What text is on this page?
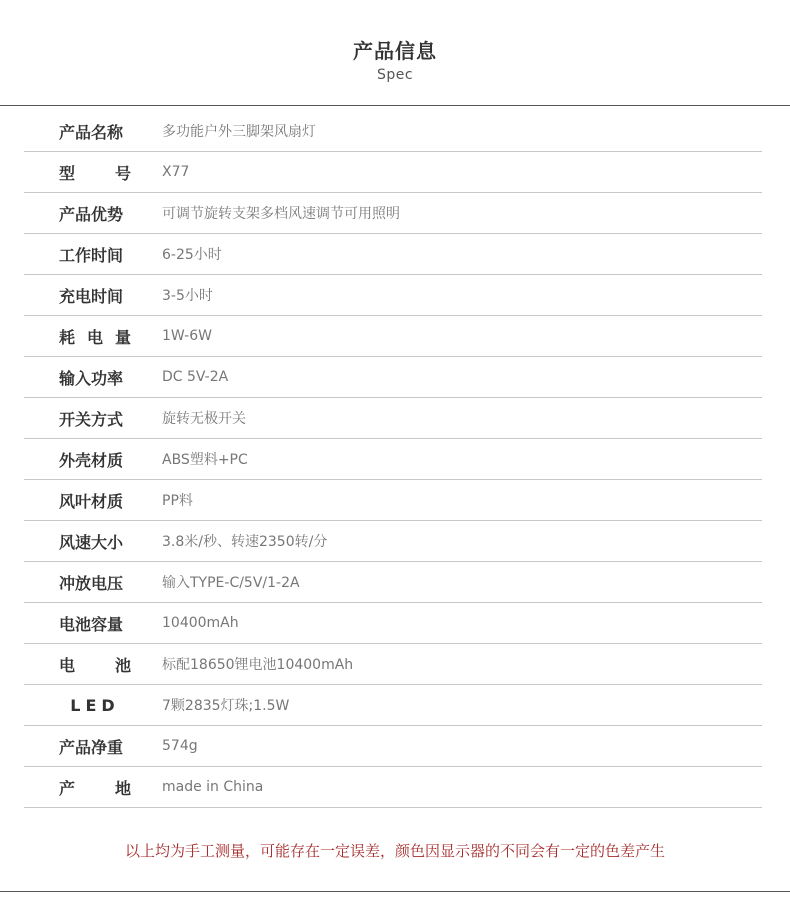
产品信息
Spec
产品名称	多功能户外三脚架风扇灯
型号 X77
产品优势	可调节旋转支架多档风速调节可用照明
工作时间	6-25小时
充电时间	3-5小时
耗电量 1W-6W
输入功率	DC 5V-2A
开关方式	旋转无极开关
外壳材质	ABS塑料+PC
风叶材质	PP料
风速大小	3.8米/秒、转速2350转/分
冲放电压	输入TYPE-C/5V/1-2A
电池容量	10400mAh
电池 标配18650锂电池10400mAh
LED	7颗2835灯珠;1.5W
产品净重	574g
产地 made in China
以上均为手工测量，可能存在一定误差，颜色因显示器的不同会有一定的色差产生
